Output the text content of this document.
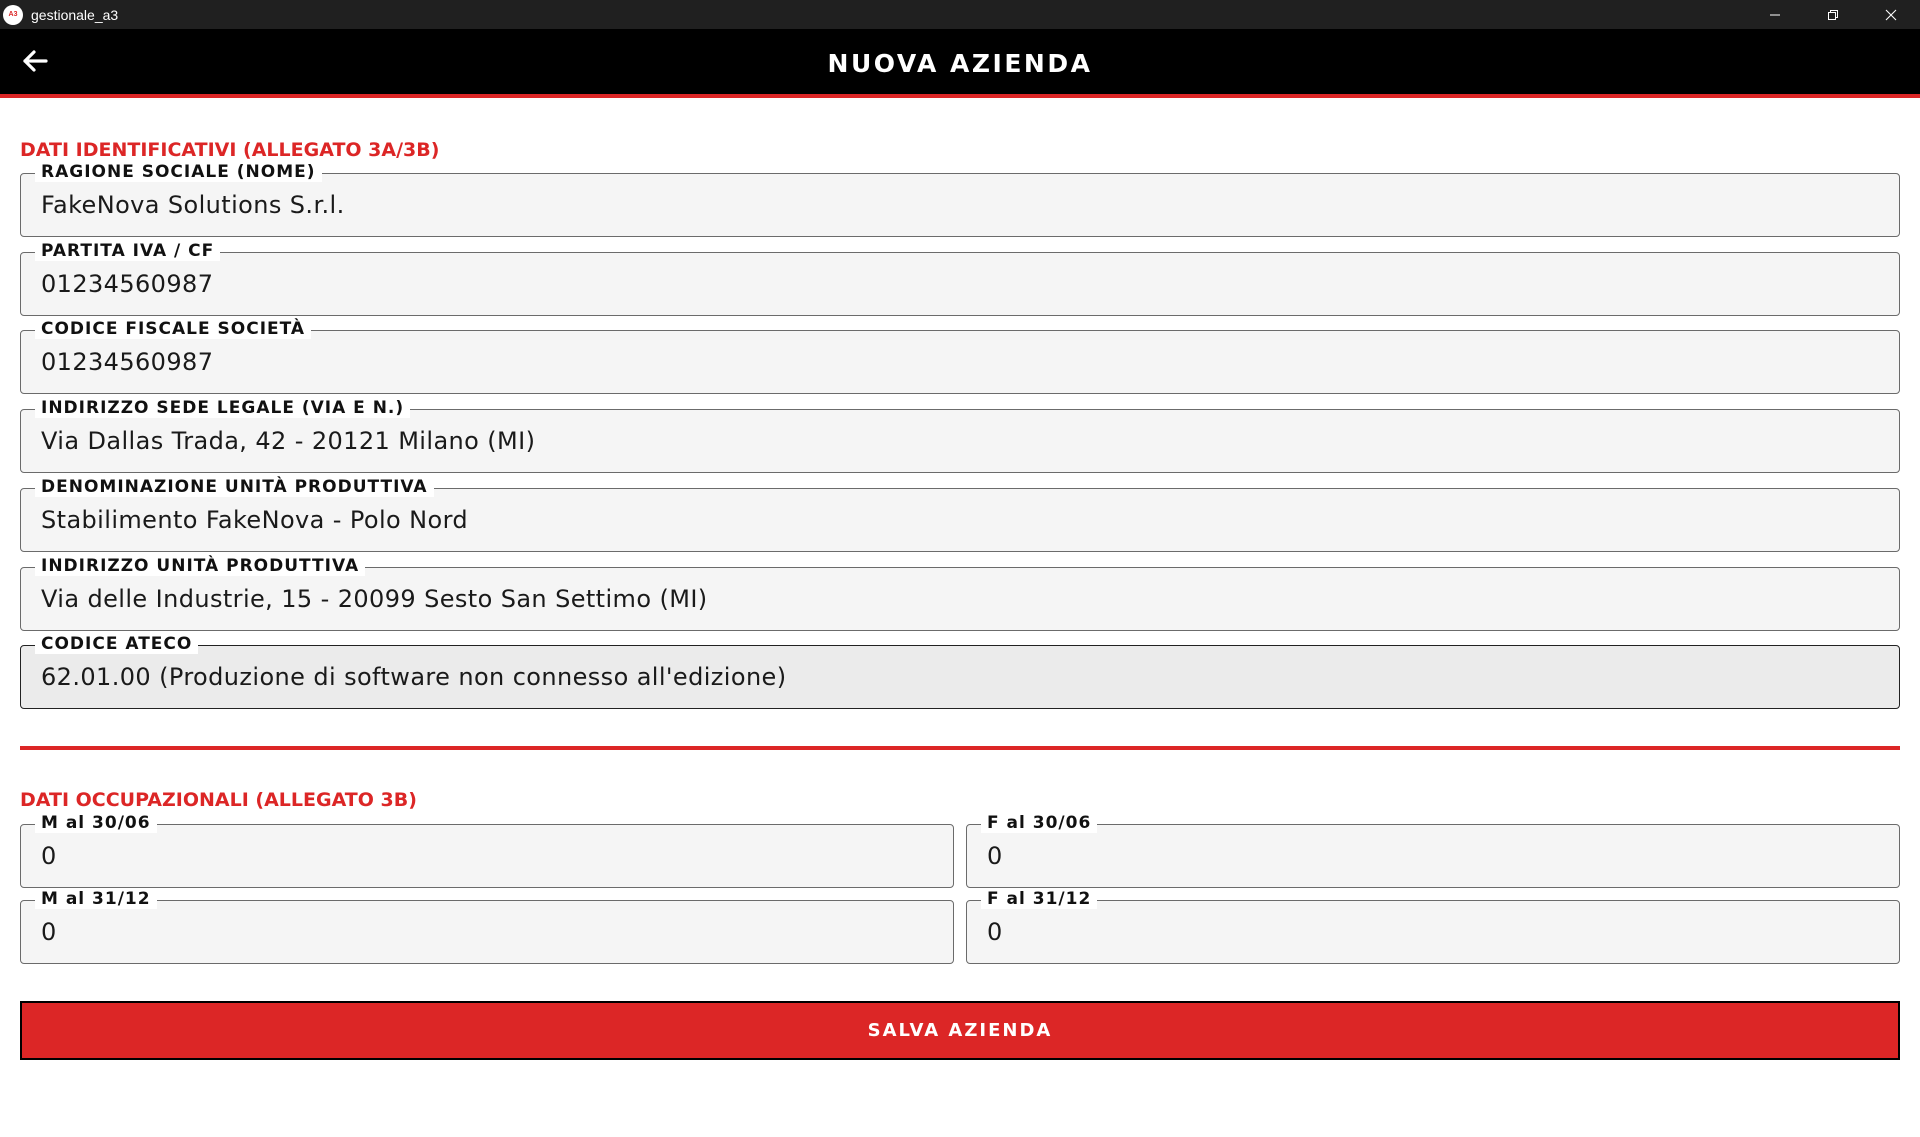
A3 gestionale_a3
NUOVA AZIENDA
DATI IDENTIFICATIVI (ALLEGATO 3A/3B)
RAGIONE SOCIALE (NOME)
FakeNova Solutions S.r.l.
PARTITA IVA / CF
01234560987
CODICE FISCALE SOCIETÀ
01234560987
INDIRIZZO SEDE LEGALE (VIA E N.)
Via Dallas Trada, 42 - 20121 Milano (MI)
DENOMINAZIONE UNITÀ PRODUTTIVA
Stabilimento FakeNova - Polo Nord
INDIRIZZO UNITÀ PRODUTTIVA
Via delle Industrie, 15 - 20099 Sesto San Settimo (MI)
CODICE ATECO
62.01.00 (Produzione di software non connesso all'edizione)
DATI OCCUPAZIONALI (ALLEGATO 3B)
M al 30/06
0
F al 30/06
0
M al 31/12
0
F al 31/12
0
SALVA AZIENDA
